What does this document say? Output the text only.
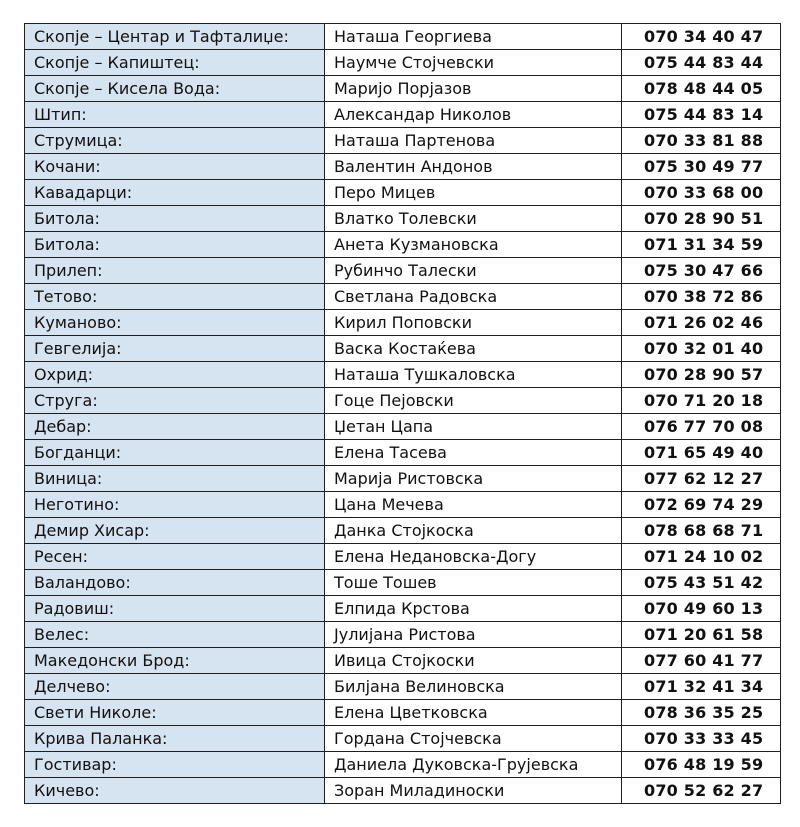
Скопје – Центар и Тафталиџе:	Наташа Георгиева	070 34 40 47
Скопје – Капиштец:	Наумче Стојчевски	075 44 83 44
Скопје – Кисела Вода:	Маријо Порјазов	078 48 44 05
Штип:	Александар Николов	075 44 83 14
Струмица:	Наташа Партенова	070 33 81 88
Кочани:	Валентин Андонов	075 30 49 77
Кавадарци:	Перо Мицев	070 33 68 00
Битола:	Влатко Толевски	070 28 90 51
Битола:	Анета Кузмановска	071 31 34 59
Прилеп:	Рубинчо Талески	075 30 47 66
Тетово:	Светлана Радовска	070 38 72 86
Куманово:	Кирил Поповски	071 26 02 46
Гевгелија:	Васка Костаќева	070 32 01 40
Охрид:	Наташа Тушкаловска	070 28 90 57
Струга:	Гоце Пејовски	070 71 20 18
Дебар:	Џетан Цапа	076 77 70 08
Богданци:	Елена Тасева	071 65 49 40
Виница:	Марија Ристовска	077 62 12 27
Неготино:	Цана Мечева	072 69 74 29
Демир Хисар:	Данка Стојкоска	078 68 68 71
Ресен:	Елена Недановска-Догу	071 24 10 02
Валандово:	Тоше Тошев	075 43 51 42
Радовиш:	Елпида Крстова	070 49 60 13
Велес:	Јулијана Ристова	071 20 61 58
Македонски Брод:	Ивица Стојкоски	077 60 41 77
Делчево:	Билјана Велиновска	071 32 41 34
Свети Николе:	Елена Цветковска	078 36 35 25
Крива Паланка:	Гордана Стојчевска	070 33 33 45
Гостивар:	Даниела Дуковска-Грујевска	076 48 19 59
Кичево:	Зоран Миладиноски	070 52 62 27
